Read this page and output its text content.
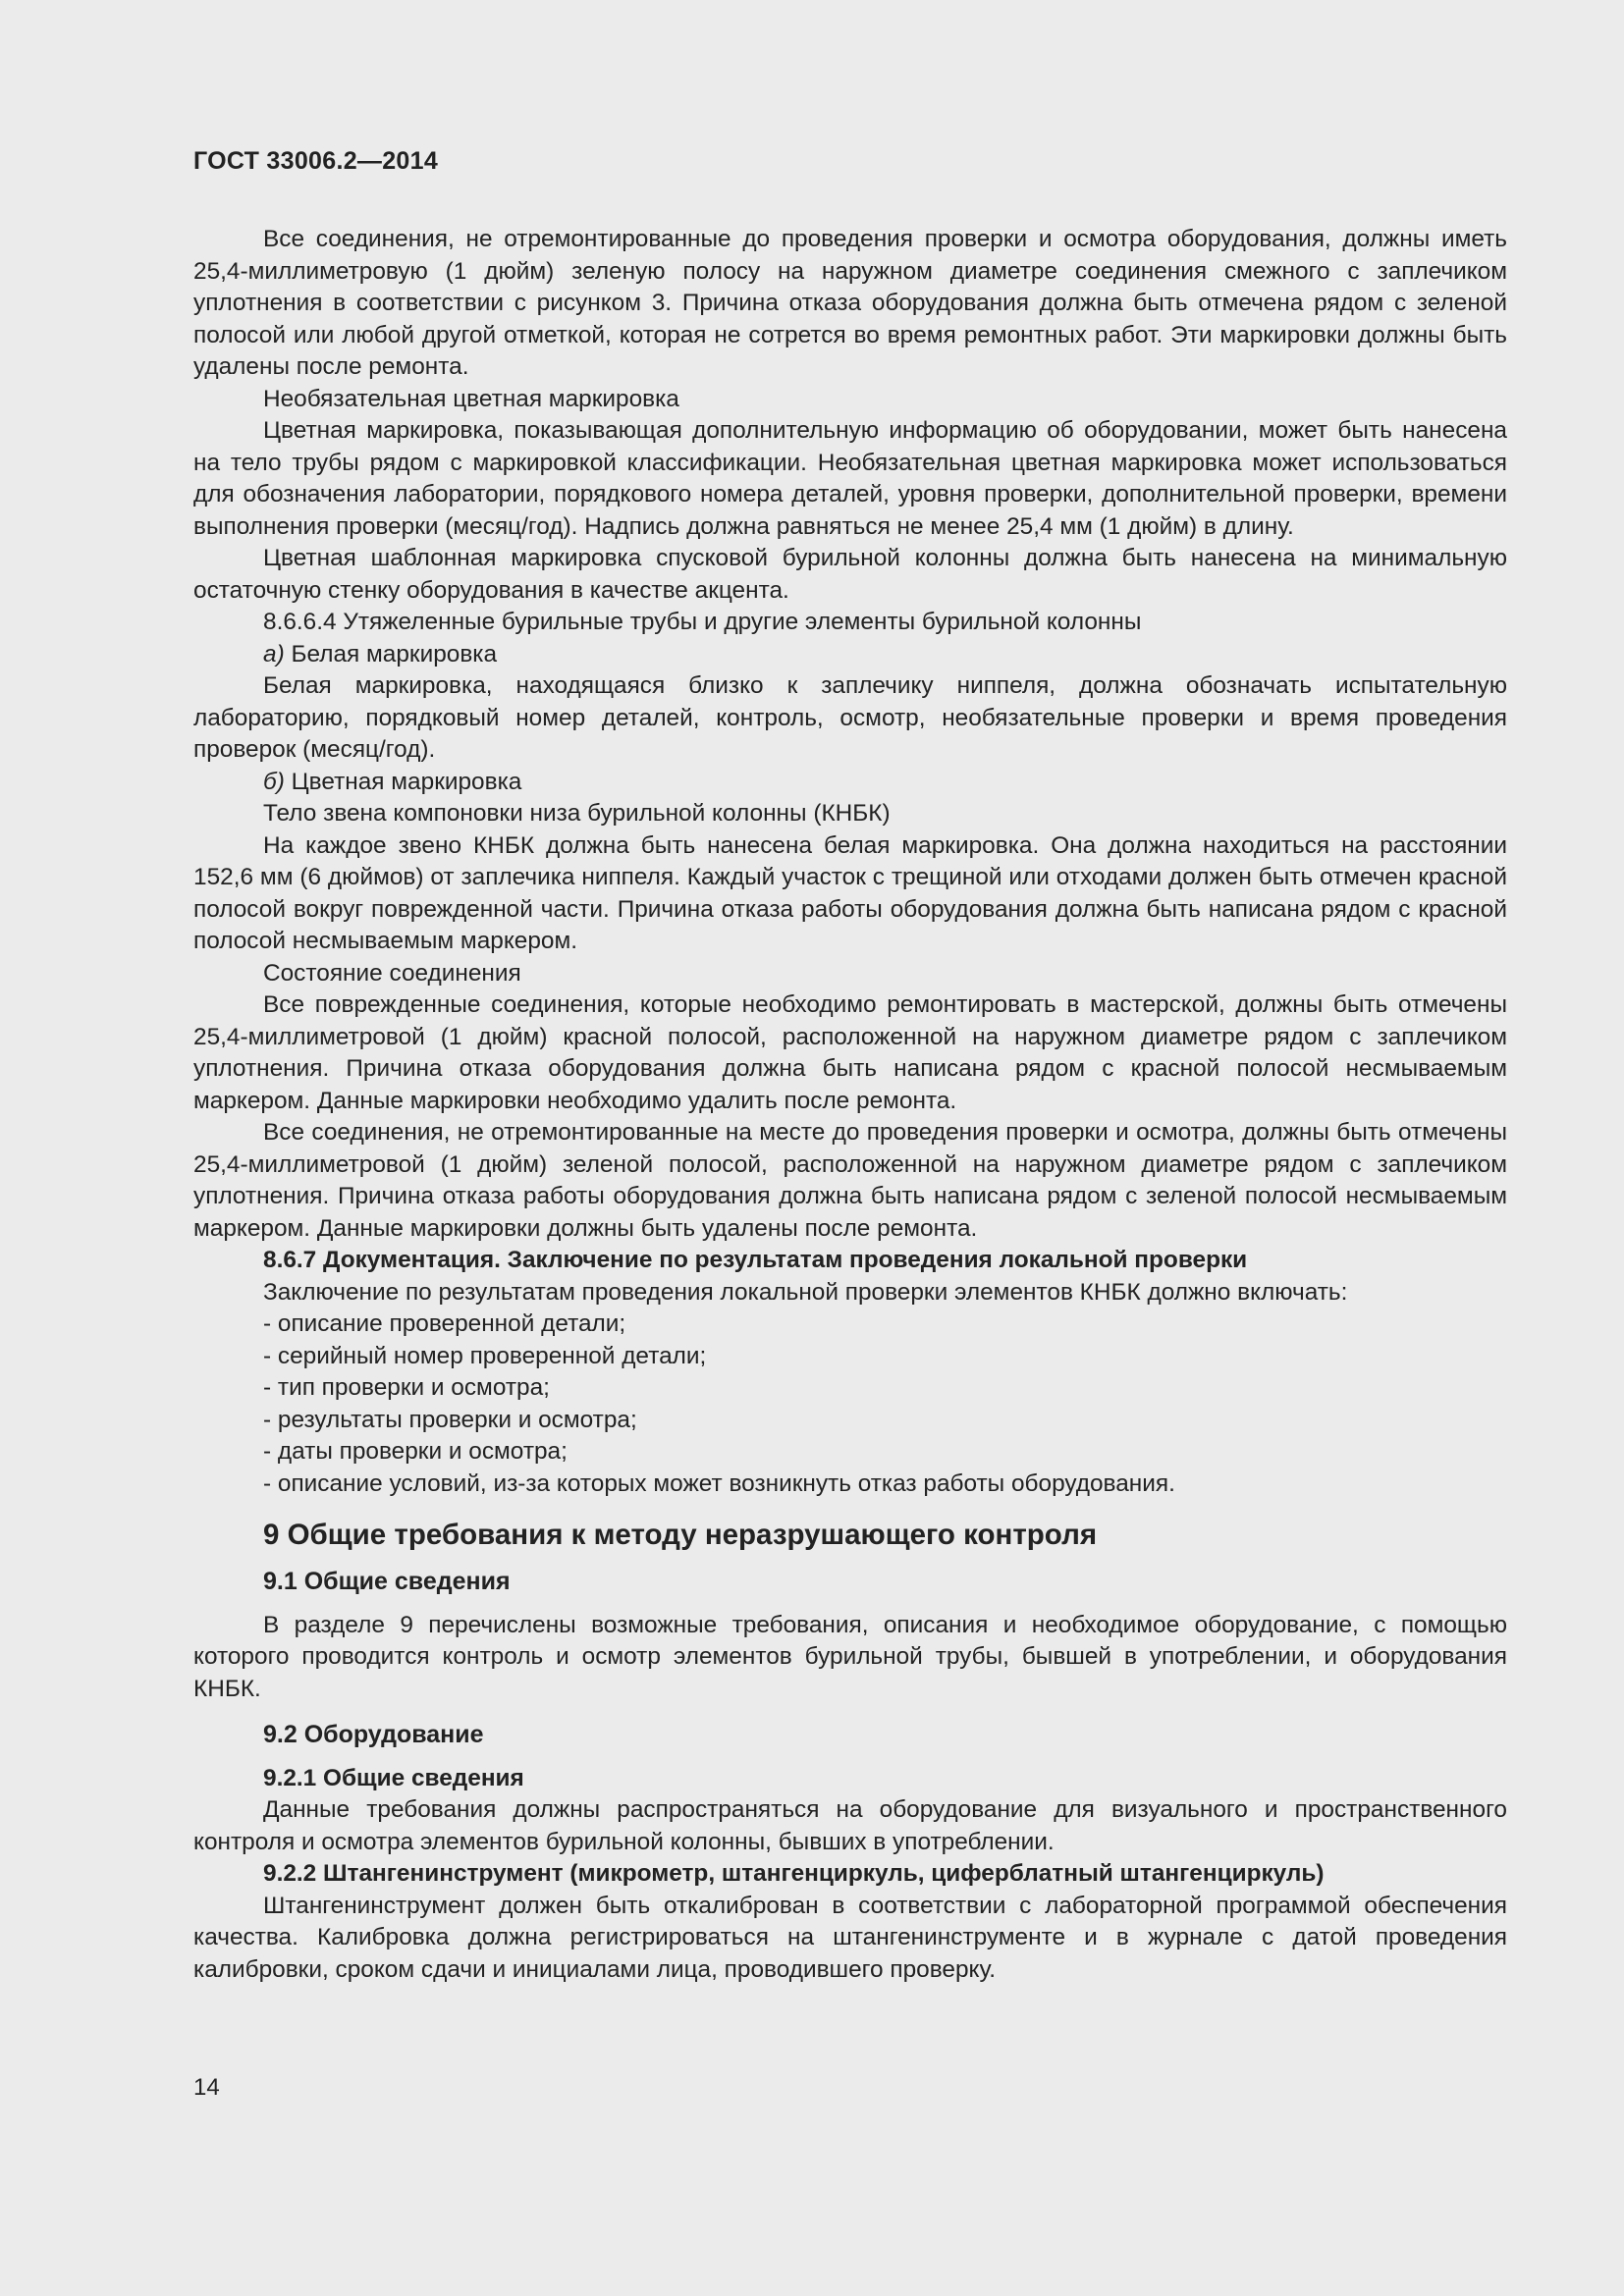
ГОСТ 33006.2—2014

Все соединения, не отремонтированные до проведения проверки и осмотра оборудования, должны иметь 25,4-миллиметровую (1 дюйм) зеленую полосу на наружном диаметре соединения смежного с заплечиком уплотнения в соответствии с рисунком 3. Причина отказа оборудования должна быть отмечена рядом с зеленой полосой или любой другой отметкой, которая не сотрется во время ремонтных работ. Эти маркировки должны быть удалены после ремонта.

Необязательная цветная маркировка

Цветная маркировка, показывающая дополнительную информацию об оборудовании, может быть нанесена на тело трубы рядом с маркировкой классификации. Необязательная цветная маркировка может использоваться для обозначения лаборатории, порядкового номера деталей, уровня проверки, дополнительной проверки, времени выполнения проверки (месяц/год). Надпись должна равняться не менее 25,4 мм (1 дюйм) в длину.

Цветная шаблонная маркировка спусковой бурильной колонны должна быть нанесена на минимальную остаточную стенку оборудования в качестве акцента.

8.6.6.4 Утяжеленные бурильные трубы и другие элементы бурильной колонны

а) Белая маркировка

Белая маркировка, находящаяся близко к заплечику ниппеля, должна обозначать испытательную лабораторию, порядковый номер деталей, контроль, осмотр, необязательные проверки и время проведения проверок (месяц/год).

б) Цветная маркировка

Тело звена компоновки низа бурильной колонны (КНБК)

На каждое звено КНБК должна быть нанесена белая маркировка. Она должна находиться на расстоянии 152,6 мм (6 дюймов) от заплечика ниппеля. Каждый участок с трещиной или отходами должен быть отмечен красной полосой вокруг поврежденной части. Причина отказа работы оборудования должна быть написана рядом с красной полосой несмываемым маркером.

Состояние соединения

Все поврежденные соединения, которые необходимо ремонтировать в мастерской, должны быть отмечены 25,4-миллиметровой (1 дюйм) красной полосой, расположенной на наружном диаметре рядом с заплечиком уплотнения. Причина отказа оборудования должна быть написана рядом с красной полосой несмываемым маркером. Данные маркировки необходимо удалить после ремонта.

Все соединения, не отремонтированные на месте до проведения проверки и осмотра, должны быть отмечены 25,4-миллиметровой (1 дюйм) зеленой полосой, расположенной на наружном диаметре рядом с заплечиком уплотнения. Причина отказа работы оборудования должна быть написана рядом с зеленой полосой несмываемым маркером. Данные маркировки должны быть удалены после ремонта.

8.6.7 Документация. Заключение по результатам проведения локальной проверки

Заключение по результатам проведения локальной проверки элементов КНБК должно включать:

- описание проверенной детали;
- серийный номер проверенной детали;
- тип проверки и осмотра;
- результаты проверки и осмотра;
- даты проверки и осмотра;
- описание условий, из-за которых может возникнуть отказ работы оборудования.
9 Общие требования к методу неразрушающего контроля
9.1 Общие сведения

В разделе 9 перечислены возможные требования, описания и необходимое оборудование, с помощью которого проводится контроль и осмотр элементов бурильной трубы, бывшей в употреблении, и оборудования КНБК.

9.2 Оборудование
9.2.1 Общие сведения

Данные требования должны распространяться на оборудование для визуального и пространственного контроля и осмотра элементов бурильной колонны, бывших в употреблении.

9.2.2 Штангенинструмент (микрометр, штангенциркуль, циферблатный штангенциркуль)

Штангенинструмент должен быть откалиброван в соответствии с лабораторной программой обеспечения качества. Калибровка должна регистрироваться на штангенинструменте и в журнале с датой проведения калибровки, сроком сдачи и инициалами лица, проводившего проверку.

14
